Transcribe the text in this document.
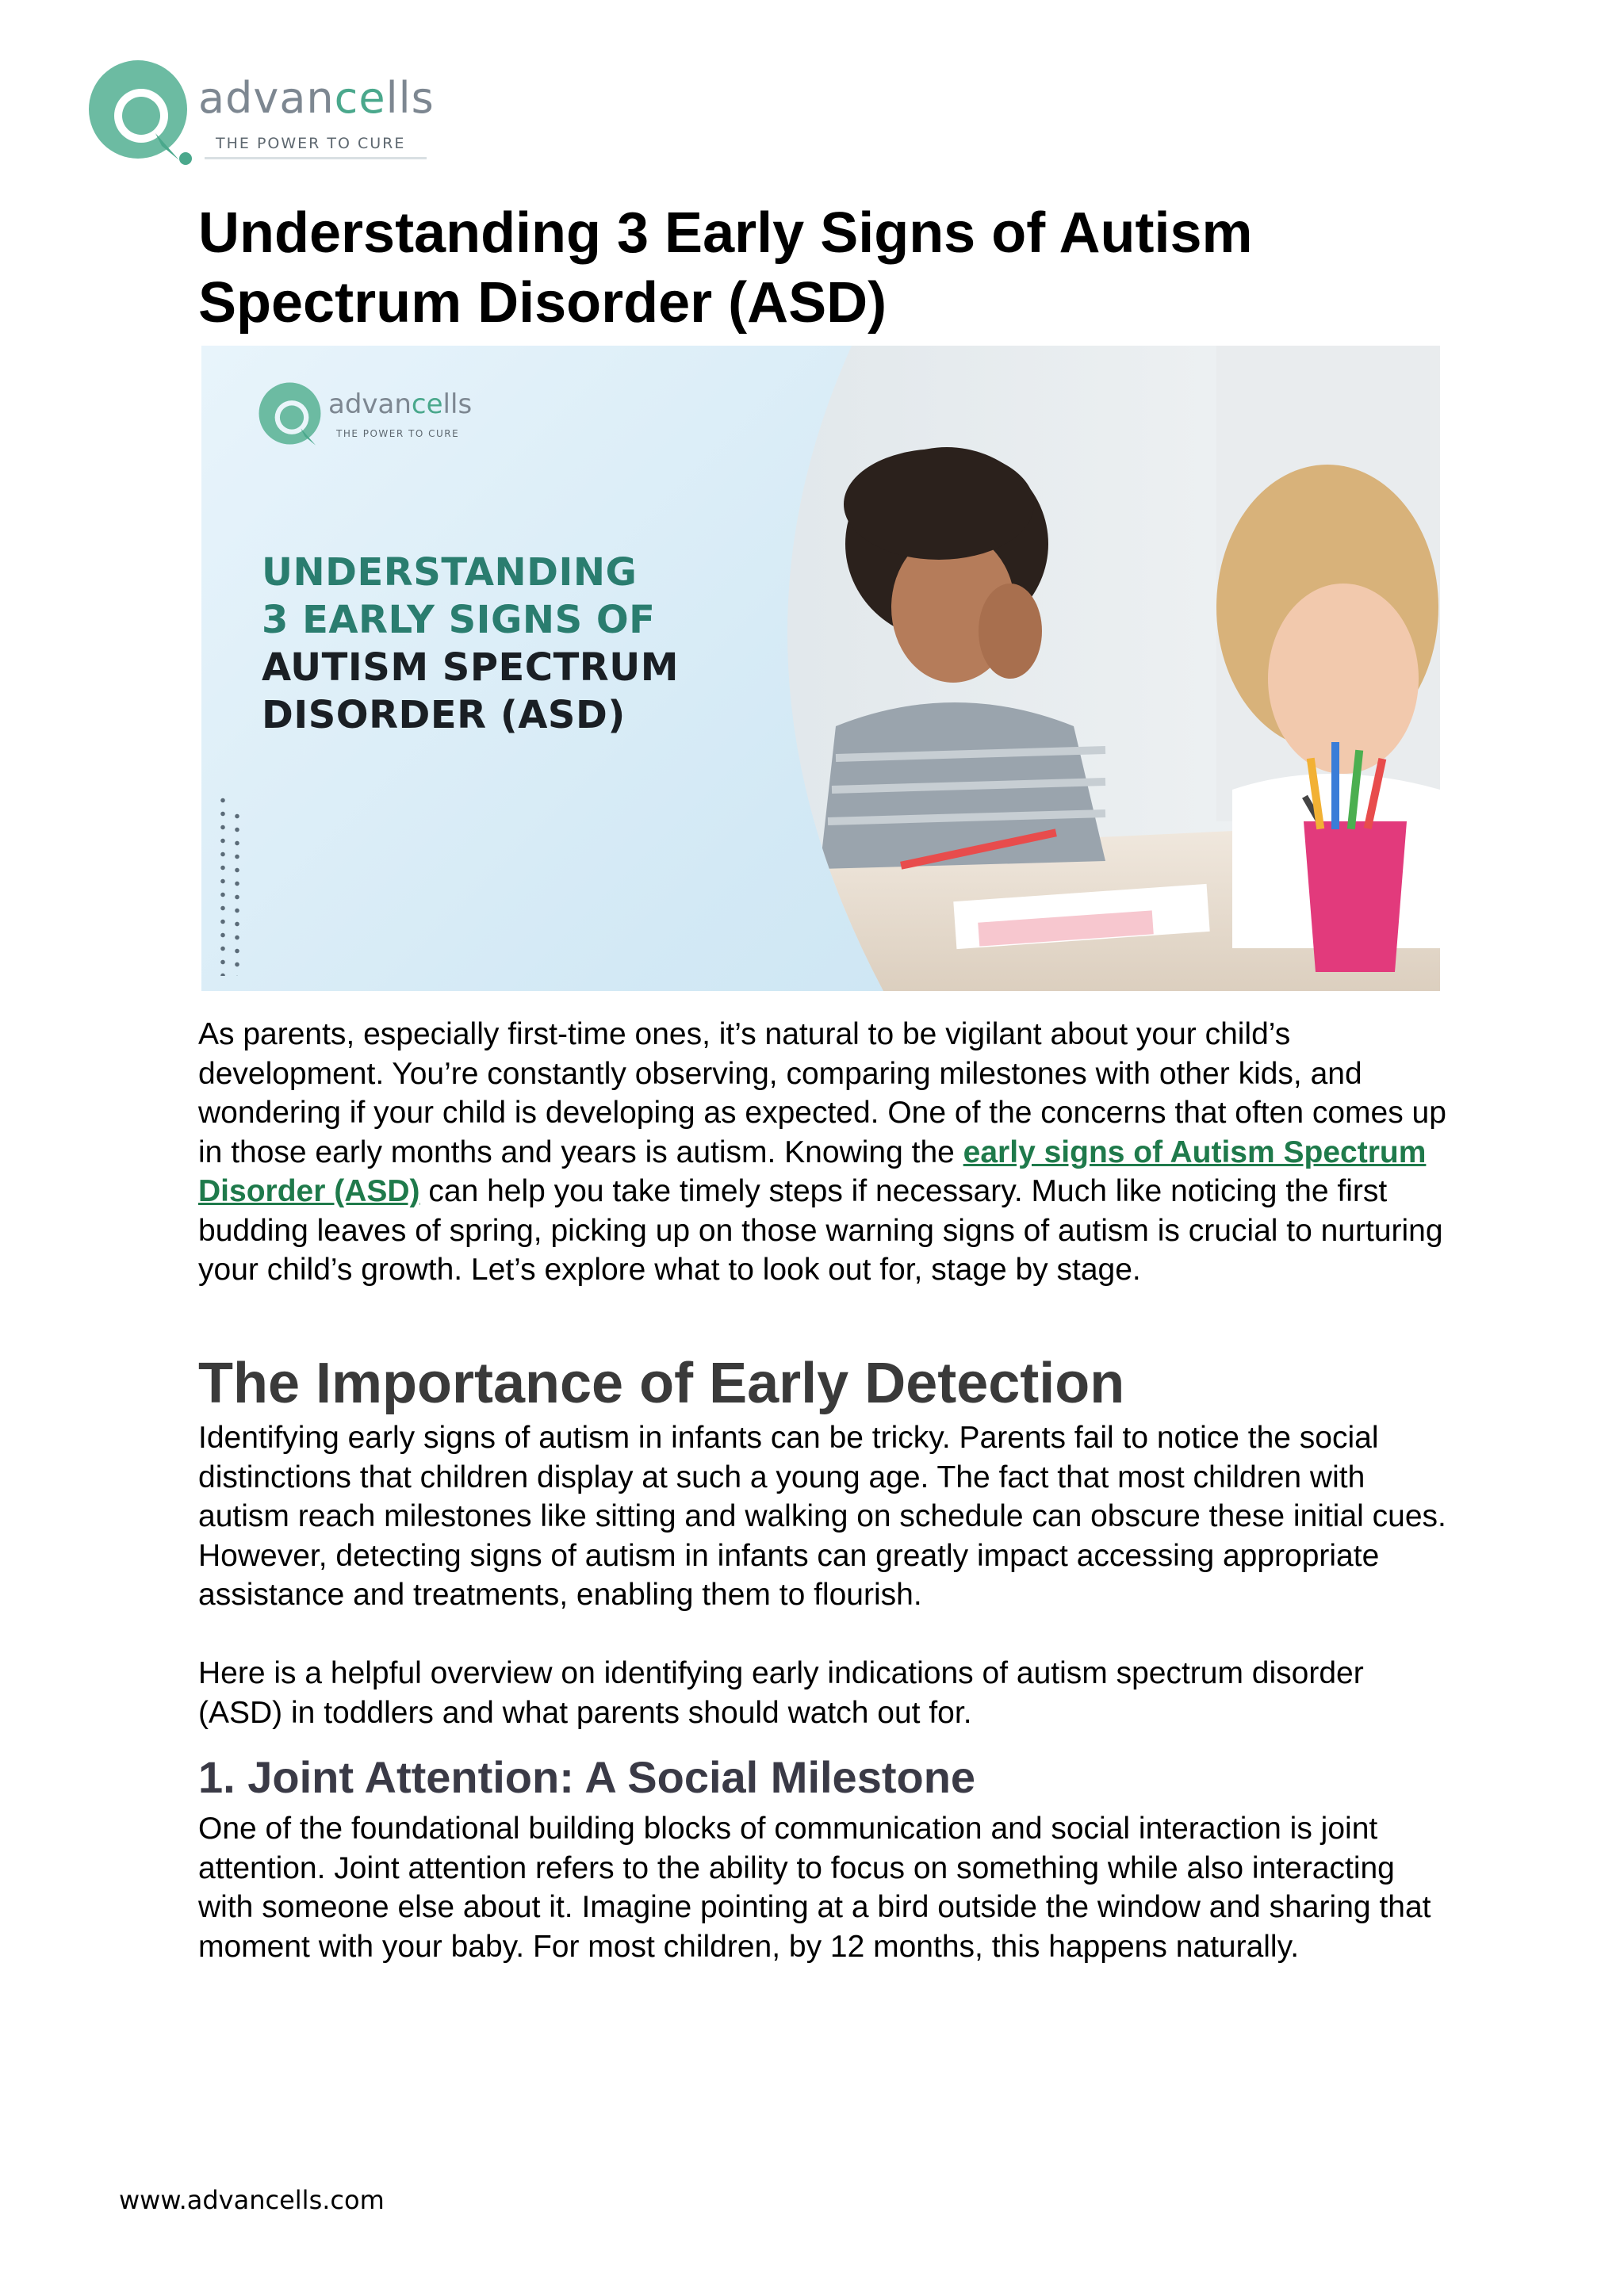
advancells
THE POWER TO CURE
Understanding 3 Early Signs of Autism Spectrum Disorder (ASD)
advancells
THE POWER TO CURE
UNDERSTANDING
3 EARLY SIGNS OF
AUTISM SPECTRUM
DISORDER (ASD)

As parents, especially first-time ones, it’s natural to be vigilant about your child’s development. You’re constantly observing, comparing milestones with other kids, and wondering if your child is developing as expected. One of the concerns that often comes up in those early months and years is autism. Knowing the early signs of Autism Spectrum Disorder (ASD) can help you take timely steps if necessary. Much like noticing the first budding leaves of spring, picking up on those warning signs of autism is crucial to nurturing your child’s growth. Let’s explore what to look out for, stage by stage.

The Importance of Early Detection

Identifying early signs of autism in infants can be tricky. Parents fail to notice the social distinctions that children display at such a young age. The fact that most children with autism reach milestones like sitting and walking on schedule can obscure these initial cues. However, detecting signs of autism in infants can greatly impact accessing appropriate assistance and treatments, enabling them to flourish.

Here is a helpful overview on identifying early indications of autism spectrum disorder (ASD) in toddlers and what parents should watch out for.

1. Joint Attention: A Social Milestone

One of the foundational building blocks of communication and social interaction is joint attention. Joint attention refers to the ability to focus on something while also interacting with someone else about it. Imagine pointing at a bird outside the window and sharing that moment with your baby. For most children, by 12 months, this happens naturally.

www.advancells.com
